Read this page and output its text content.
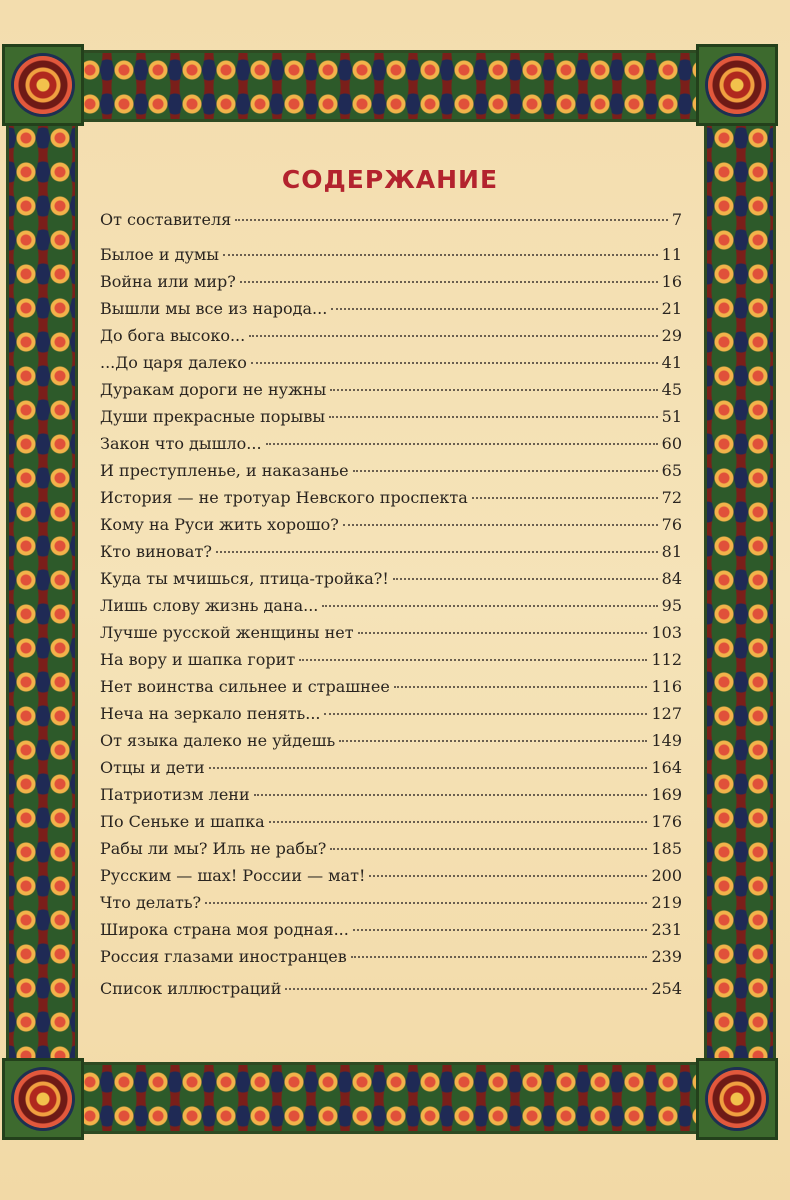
СОДЕРЖАНИЕ
От составителя	7
Былое и думы	11
Война или мир?	16
Вышли мы все из народа...	21
До бога высоко...	29
...До царя далеко	41
Дуракам дороги не нужны	45
Души прекрасные порывы	51
Закон что дышло...	60
И преступленье, и наказанье	65
История — не тротуар Невского проспекта	72
Кому на Руси жить хорошо?	76
Кто виноват?	81
Куда ты мчишься, птица-тройка?!	84
Лишь слову жизнь дана...	95
Лучше русской женщины нет	103
На вору и шапка горит	112
Нет воинства сильнее и страшнее	116
Неча на зеркало пенять...	127
От языка далеко не уйдешь	149
Отцы и дети	164
Патриотизм лени	169
По Сеньке и шапка	176
Рабы ли мы? Иль не рабы?	185
Русским — шах! России — мат!	200
Что делать?	219
Широка страна моя родная...	231
Россия глазами иностранцев	239
Список иллюстраций	254
